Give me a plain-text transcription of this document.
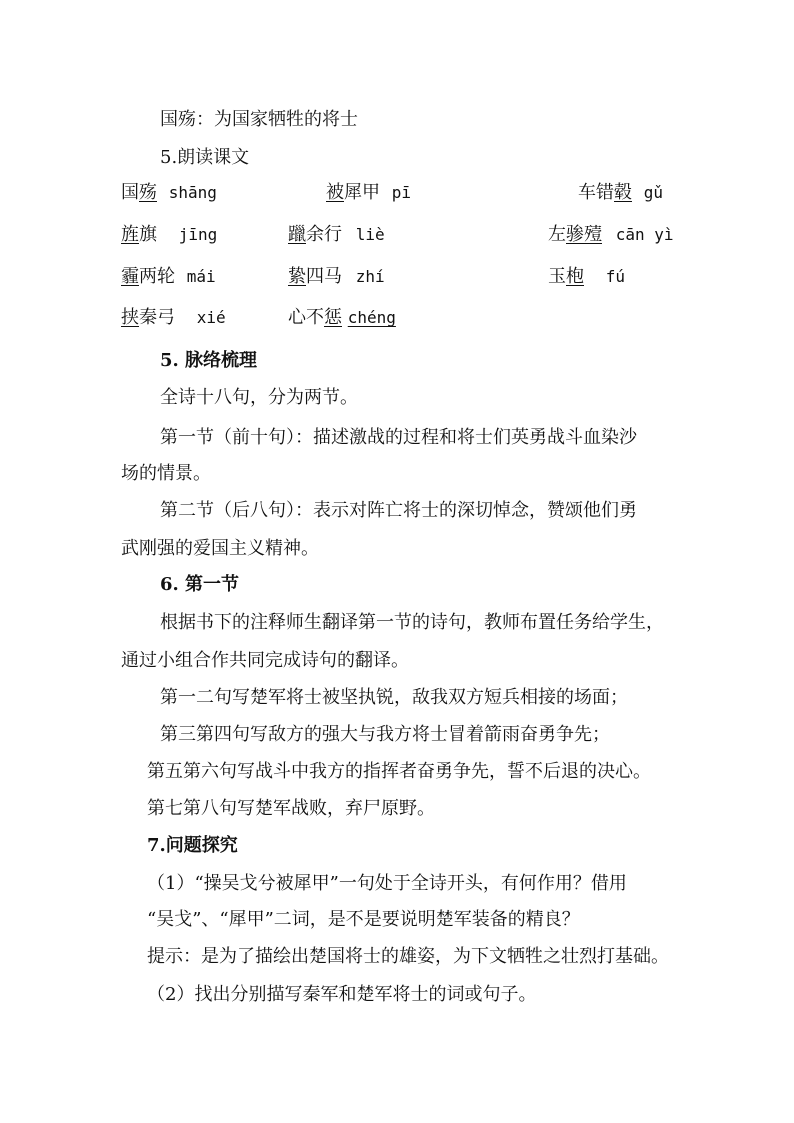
国殇：为国家牺牲的将士
5.朗读课文
国殇 shāng	被犀甲 pī	车错毂 gǔ
旌旗 jīng	躐余行 liè	左骖殪 cān yì
霾两轮 mái	絷四马 zhí	玉枹 fú
挟秦弓 xié	心不惩 chéng
5. 脉络梳理
全诗十八句，分为两节。
第一节（前十句）：描述激战的过程和将士们英勇战斗血染沙
场的情景。
第二节（后八句）：表示对阵亡将士的深切悼念，赞颂他们勇
武刚强的爱国主义精神。
6. 第一节
根据书下的注释师生翻译第一节的诗句，教师布置任务给学生，
通过小组合作共同完成诗句的翻译。
第一二句写楚军将士被坚执锐，敌我双方短兵相接的场面；
第三第四句写敌方的强大与我方将士冒着箭雨奋勇争先；
第五第六句写战斗中我方的指挥者奋勇争先，誓不后退的决心。
第七第八句写楚军战败，弃尸原野。
7.问题探究
（1）“操吴戈兮被犀甲”一句处于全诗开头，有何作用？借用
“吴戈”、“犀甲”二词，是不是要说明楚军装备的精良？
提示：是为了描绘出楚国将士的雄姿，为下文牺牲之壮烈打基础。
（2）找出分别描写秦军和楚军将士的词或句子。
